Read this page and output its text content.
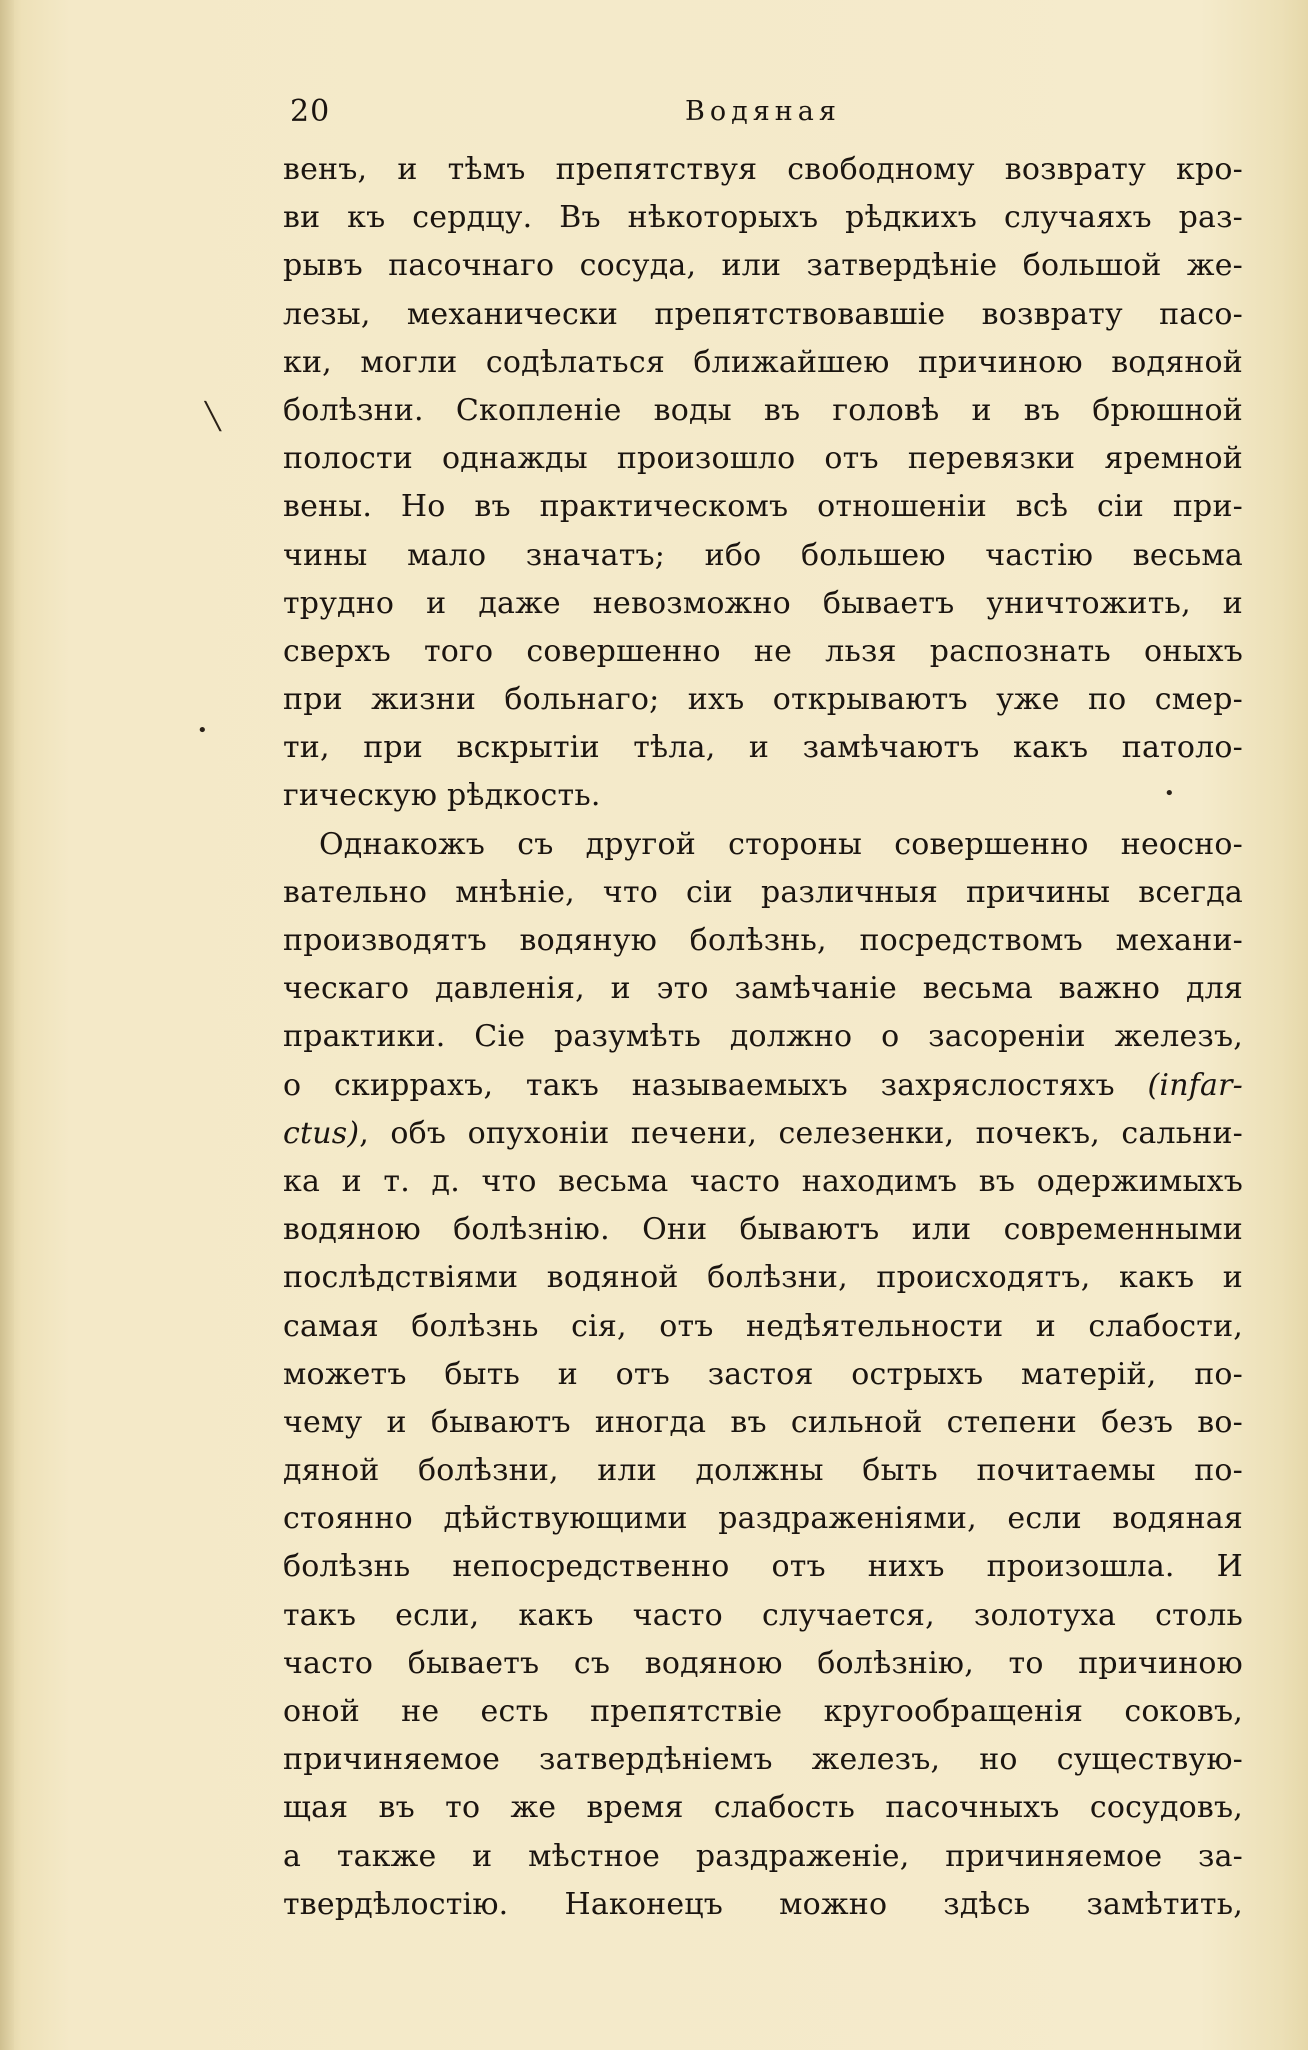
20	Водяная
венъ, и тѣмъ препятствуя свободному возврату кро-
ви къ сердцу. Въ нѣкоторыхъ рѣдкихъ случаяхъ раз-
рывъ пасочнаго сосуда, или затвердѣніе большой же-
лезы, механически препятствовавшіе возврату пасо-
ки, могли содѣлаться ближайшею причиною водяной
болѣзни. Скопленіе воды въ головѣ и въ брюшной
полости однажды произошло отъ перевязки яремной
вены. Но въ практическомъ отношеніи всѣ сіи при-
чины мало значатъ; ибо большею частію весьма
трудно и даже невозможно бываетъ уничтожить, и
сверхъ того совершенно не льзя распознать оныхъ
при жизни больнаго; ихъ открываютъ уже по смер-
ти, при вскрытіи тѣла, и замѣчаютъ какъ патоло-
гическую рѣдкость.
Однакожъ съ другой стороны совершенно неосно-
вательно мнѣніе, что сіи различныя причины всегда
производятъ водяную болѣзнь, посредствомъ механи-
ческаго давленія, и это замѣчаніе весьма важно для
практики. Сіе разумѣть должно о засореніи железъ,
о скиррахъ, такъ называемыхъ захряслостяхъ (infar-
ctus), объ опухоніи печени, селезенки, почекъ, сальни-
ка и т. д. что весьма часто находимъ въ одержимыхъ
водяною болѣзнію. Они бываютъ или современными
послѣдствіями водяной болѣзни, происходятъ, какъ и
самая болѣзнь сія, отъ недѣятельности и слабости,
можетъ быть и отъ застоя острыхъ матерій, по-
чему и бываютъ иногда въ сильной степени безъ во-
дяной болѣзни, или должны быть почитаемы по-
стоянно дѣйствующими раздраженіями, если водяная
болѣзнь непосредственно отъ нихъ произошла. И
такъ если, какъ часто случается, золотуха столь
часто бываетъ съ водяною болѣзнію, то причиною
оной не есть препятствіе кругообращенія соковъ,
причиняемое затвердѣніемъ железъ, но существую-
щая въ то же время слабость пасочныхъ сосудовъ,
а также и мѣстное раздраженіе, причиняемое за-
твердѣлостію. Наконецъ можно здѣсь замѣтить,
•
•
╲
